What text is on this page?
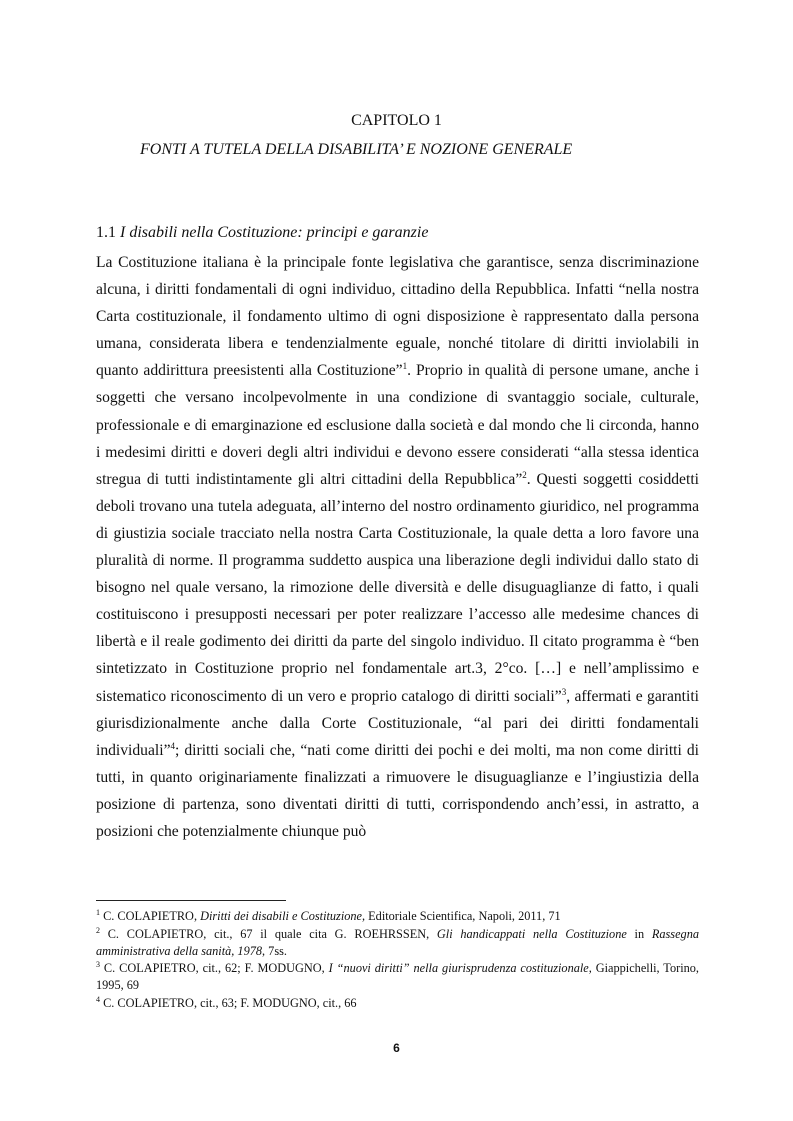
CAPITOLO 1
FONTI A TUTELA DELLA DISABILITA’ E NOZIONE GENERALE
1.1 I disabili nella Costituzione: principi e garanzie

La Costituzione italiana è la principale fonte legislativa che garantisce, senza discriminazione alcuna, i diritti fondamentali di ogni individuo, cittadino della Repubblica. Infatti “nella nostra Carta costituzionale, il fondamento ultimo di ogni disposizione è rappresentato dalla persona umana, considerata libera e tendenzialmente eguale, nonché titolare di diritti inviolabili in quanto addirittura preesistenti alla Costituzione”$^1$. Proprio in qualità di persone umane, anche i soggetti che versano incolpevolmente in una condizione di svantaggio sociale, culturale, professionale e di emarginazione ed esclusione dalla società e dal mondo che li circonda, hanno i medesimi diritti e doveri degli altri individui e devono essere considerati “alla stessa identica stregua di tutti indistintamente gli altri cittadini della Repubblica”$^2$. Questi soggetti cosiddetti deboli trovano una tutela adeguata, all’interno del nostro ordinamento giuridico, nel programma di giustizia sociale tracciato nella nostra Carta Costituzionale, la quale detta a loro favore una pluralità di norme. Il programma suddetto auspica una liberazione degli individui dallo stato di bisogno nel quale versano, la rimozione delle diversità e delle disuguaglianze di fatto, i quali costituiscono i presupposti necessari per poter realizzare l’accesso alle medesime chances di libertà e il reale godimento dei diritti da parte del singolo individuo. Il citato programma è “ben sintetizzato in Costituzione proprio nel fondamentale art.3, 2°co. […] e nell’amplissimo e sistematico riconoscimento di un vero e proprio catalogo di diritti sociali”$^3$, affermati e garantiti giurisdizionalmente anche dalla Corte Costituzionale, “al pari dei diritti fondamentali individuali”$^4$; diritti sociali che, “nati come diritti dei pochi e dei molti, ma non come diritti di tutti, in quanto originariamente finalizzati a rimuovere le disuguaglianze e l’ingiustizia della posizione di partenza, sono diventati diritti di tutti, corrispondendo anch’essi, in astratto, a posizioni che potenzialmente chiunque può

$^1$ C. COLAPIETRO, Diritti dei disabili e Costituzione, Editoriale Scientifica, Napoli, 2011, 71

$^2$ C. COLAPIETRO, cit., 67 il quale cita G. ROEHRSSEN, Gli handicappati nella Costituzione in Rassegna amministrativa della sanità, 1978, 7ss.

$^3$ C. COLAPIETRO, cit., 62; F. MODUGNO, I “nuovi diritti” nella giurisprudenza costituzionale, Giappichelli, Torino, 1995, 69

$^4$ C. COLAPIETRO, cit., 63; F. MODUGNO, cit., 66

6
